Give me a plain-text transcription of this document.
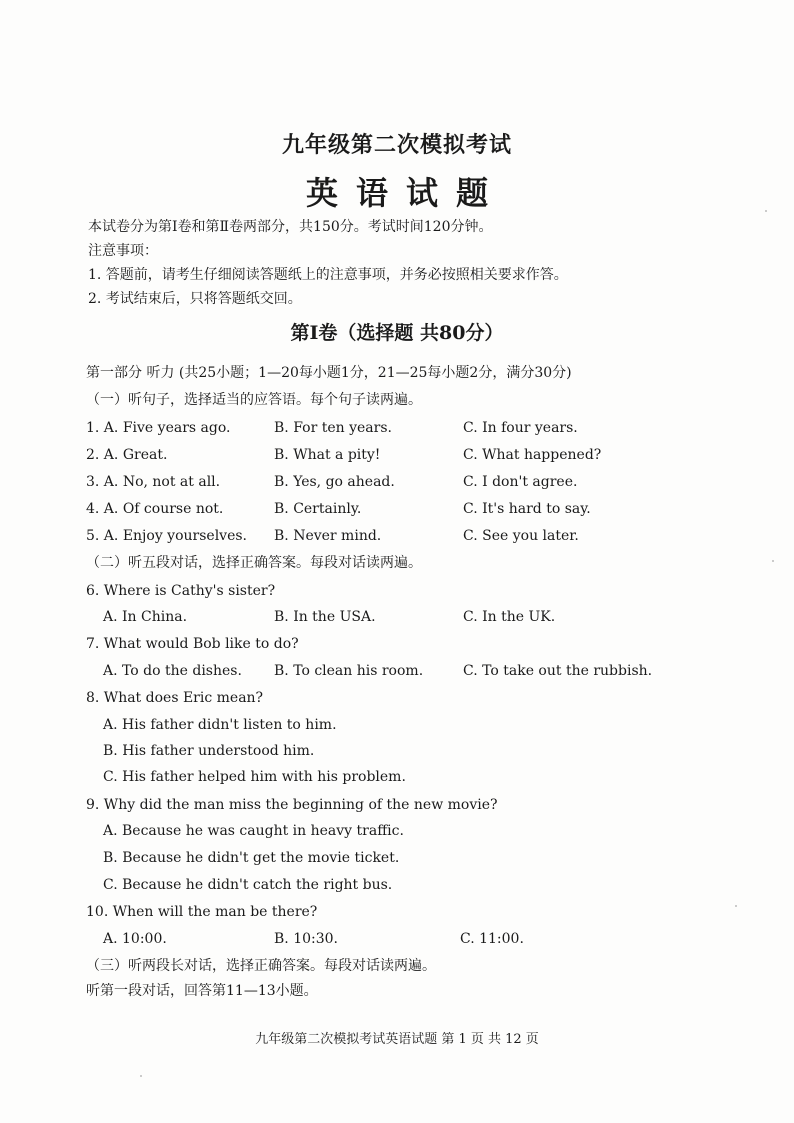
九年级第二次模拟考试
英语试题
本试卷分为第Ⅰ卷和第Ⅱ卷两部分，共150分。考试时间120分钟。
注意事项：
1. 答题前，请考生仔细阅读答题纸上的注意事项，并务必按照相关要求作答。
2. 考试结束后，只将答题纸交回。
第Ⅰ卷（选择题 共80分）
第一部分 听力 (共25小题；1—20每小题1分，21—25每小题2分，满分30分)
（一）听句子，选择适当的应答语。每个句子读两遍。
1. A. Five years ago.	B. For ten years.	C. In four years.
2. A. Great.	B. What a pity!	C. What happened?
3. A. No, not at all.	B. Yes, go ahead.	C. I don't agree.
4. A. Of course not.	B. Certainly.	C. It's hard to say.
5. A. Enjoy yourselves. B. Never mind.	C. See you later.
（二）听五段对话，选择正确答案。每段对话读两遍。
6. Where is Cathy's sister?
A. In China.	B. In the USA.	C. In the UK.
7. What would Bob like to do?
A. To do the dishes. B. To clean his room.	C. To take out the rubbish.
8. What does Eric mean?
A. His father didn't listen to him.
B. His father understood him.
C. His father helped him with his problem.
9. Why did the man miss the beginning of the new movie?
A. Because he was caught in heavy traffic.
B. Because he didn't get the movie ticket.
C. Because he didn't catch the right bus.
10. When will the man be there?
A. 10:00.	B. 10:30.	C. 11:00.
（三）听两段长对话，选择正确答案。每段对话读两遍。
听第一段对话，回答第11—13小题。
九年级第二次模拟考试英语试题 第 1 页 共 12 页
